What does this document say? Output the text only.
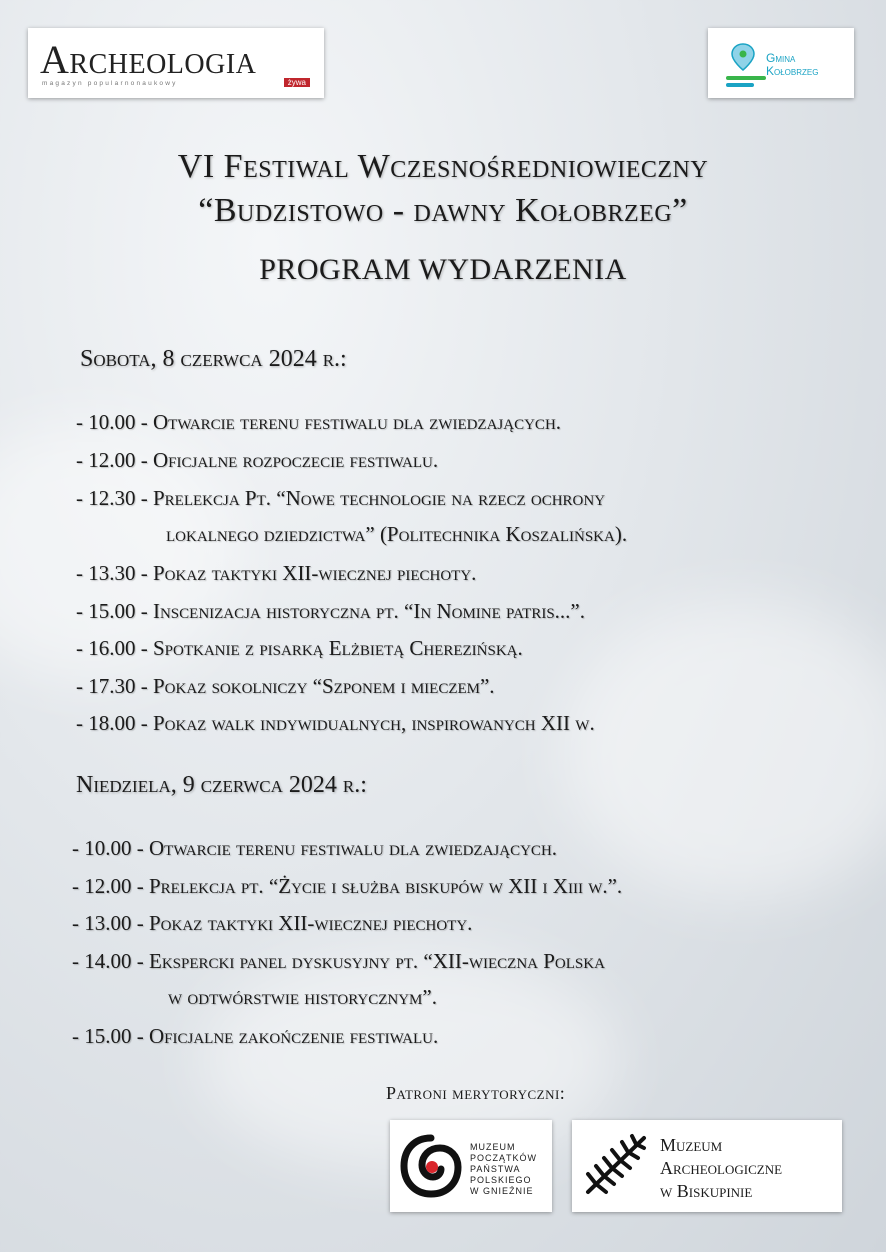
Archeologia
magazyn popularnonaukowy	żywa
Gmina
Kołobrzeg
VI Festiwal Wczesnośredniowieczny
“Budzistowo - dawny Kołobrzeg”
PROGRAM WYDARZENIA
Sobota, 8 czerwca 2024 r.:
- 10.00 - Otwarcie terenu festiwalu dla zwiedzających.
- 12.00 - Oficjalne rozpoczecie festiwalu.
- 12.30 - Prelekcja Pt. “Nowe technologie na rzecz ochrony
lokalnego dziedzictwa” (Politechnika Koszalińska).
- 13.30 - Pokaz taktyki XII-wiecznej piechoty.
- 15.00 - Inscenizacja historyczna pt. “In Nomine patris...”.
- 16.00 - Spotkanie z pisarką Elżbietą Cherezińską.
- 17.30 - Pokaz sokolniczy “Szponem i mieczem”.
- 18.00 - Pokaz walk indywidualnych, inspirowanych XII w.
Niedziela, 9 czerwca 2024 r.:
- 10.00 - Otwarcie terenu festiwalu dla zwiedzających.
- 12.00 - Prelekcja pt. “Życie i służba biskupów w XII i Xiii w.”.
- 13.00 - Pokaz taktyki XII-wiecznej piechoty.
- 14.00 - Ekspercki panel dyskusyjny pt. “XII-wieczna Polska
w odtwórstwie historycznym”.
- 15.00 - Oficjalne zakończenie festiwalu.
Patroni merytoryczni:
MUZEUM
POCZĄTKÓW
PAŃSTWA
POLSKIEGO
W GNIEŹNIE
Muzeum
Archeologiczne
w Biskupinie
